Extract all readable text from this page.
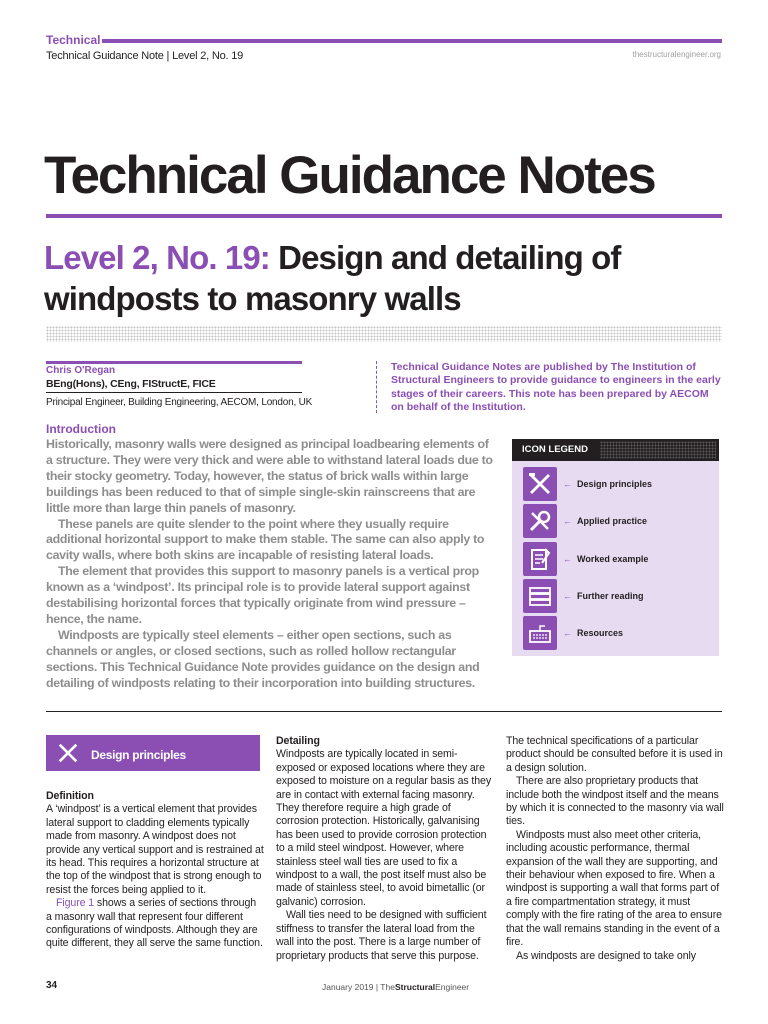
Technical
Technical Guidance Note | Level 2, No. 19	thestructuralengineer.org
Technical Guidance Notes
Level 2, No. 19: Design and detailing of windposts to masonry walls
Chris O'Regan
BEng(Hons), CEng, FIStructE, FICE
Principal Engineer, Building Engineering, AECOM, London, UK
Technical Guidance Notes are published by The Institution of Structural Engineers to provide guidance to engineers in the early stages of their careers. This note has been prepared by AECOM on behalf of the Institution.
Introduction

Historically, masonry walls were designed as principal loadbearing elements of a structure. They were very thick and were able to withstand lateral loads due to their stocky geometry. Today, however, the status of brick walls within large buildings has been reduced to that of simple single-skin rainscreens that are little more than large thin panels of masonry.

These panels are quite slender to the point where they usually require additional horizontal support to make them stable. The same can also apply to cavity walls, where both skins are incapable of resisting lateral loads.

The element that provides this support to masonry panels is a vertical prop known as a ‘windpost’. Its principal role is to provide lateral support against destabilising horizontal forces that typically originate from wind pressure – hence, the name.

Windposts are typically steel elements – either open sections, such as channels or angles, or closed sections, such as rolled hollow rectangular sections. This Technical Guidance Note provides guidance on the design and detailing of windposts relating to their incorporation into building structures.

ICON LEGEND
← Design principles
← Applied practice
← Worked example
← Further reading
← Resources
Design principles
Definition

A ‘windpost’ is a vertical element that provides lateral support to cladding elements typically made from masonry. A windpost does not provide any vertical support and is restrained at its head. This requires a horizontal structure at the top of the windpost that is strong enough to resist the forces being applied to it.

Figure 1 shows a series of sections through a masonry wall that represent four different configurations of windposts. Although they are quite different, they all serve the same function.

Detailing

Windposts are typically located in semi-exposed or exposed locations where they are exposed to moisture on a regular basis as they are in contact with external facing masonry. They therefore require a high grade of corrosion protection. Historically, galvanising has been used to provide corrosion protection to a mild steel windpost. However, where stainless steel wall ties are used to fix a windpost to a wall, the post itself must also be made of stainless steel, to avoid bimetallic (or galvanic) corrosion.

Wall ties need to be designed with sufficient stiffness to transfer the lateral load from the wall into the post. There is a large number of proprietary products that serve this purpose.

The technical specifications of a particular product should be consulted before it is used in a design solution.

There are also proprietary products that include both the windpost itself and the means by which it is connected to the masonry via wall ties.

Windposts must also meet other criteria, including acoustic performance, thermal expansion of the wall they are supporting, and their behaviour when exposed to fire. When a windpost is supporting a wall that forms part of a fire compartmentation strategy, it must comply with the fire rating of the area to ensure that the wall remains standing in the event of a fire.

As windposts are designed to take only

34	January 2019 | TheStructuralEngineer
